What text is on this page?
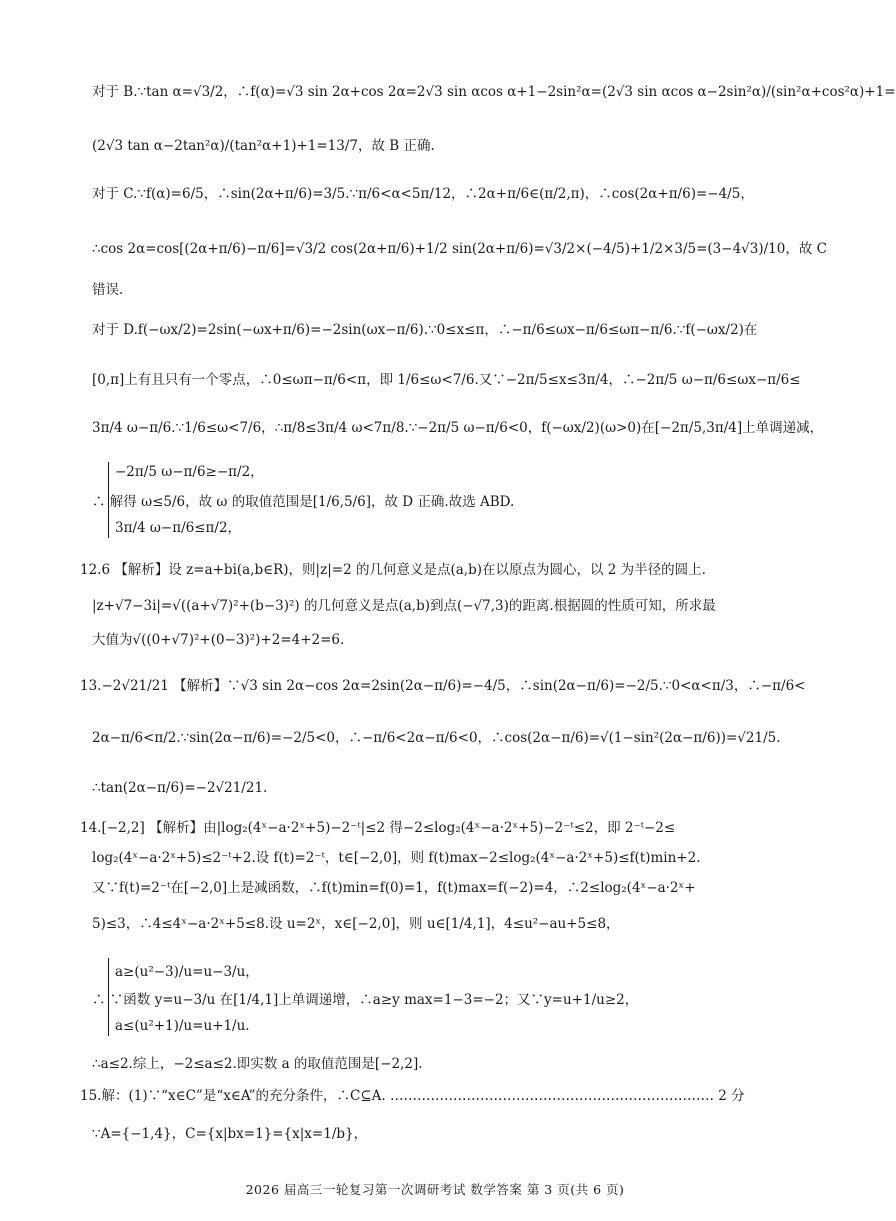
对于 B.∵tan α=√3/2，∴f(α)=√3 sin 2α+cos 2α=2√3 sin αcos α+1−2sin²α=(2√3 sin αcos α−2sin²α)/(sin²α+cos²α)+1=
(2√3 tan α−2tan²α)/(tan²α+1)+1=13/7，故 B 正确.
对于 C.∵f(α)=6/5，∴sin(2α+π/6)=3/5.∵π/6<α<5π/12，∴2α+π/6∈(π/2,π)，∴cos(2α+π/6)=−4/5，
∴cos 2α=cos[(2α+π/6)−π/6]=√3/2 cos(2α+π/6)+1/2 sin(2α+π/6)=√3/2×(−4/5)+1/2×3/5=(3−4√3)/10，故 C
错误.
对于 D.f(−ωx/2)=2sin(−ωx+π/6)=−2sin(ωx−π/6).∵0≤x≤π，∴−π/6≤ωx−π/6≤ωπ−π/6.∵f(−ωx/2)在
[0,π]上有且只有一个零点，∴0≤ωπ−π/6<π，即 1/6≤ω<7/6.又∵−2π/5≤x≤3π/4，∴−2π/5 ω−π/6≤ωx−π/6≤
3π/4 ω−π/6.∵1/6≤ω<7/6，∴π/8≤3π/4 ω<7π/8.∵−2π/5 ω−π/6<0，f(−ωx/2)(ω>0)在[−2π/5,3π/4]上单调递减，
−2π/5 ω−π/6≥−π/2，
∴ 解得 ω≤5/6，故 ω 的取值范围是[1/6,5/6]，故 D 正确.故选 ABD.
3π/4 ω−π/6≤π/2，
12.6 【解析】设 z=a+bi(a,b∈R)，则|z|=2 的几何意义是点(a,b)在以原点为圆心，以 2 为半径的圆上.
|z+√7−3i|=√((a+√7)²+(b−3)²) 的几何意义是点(a,b)到点(−√7,3)的距离.根据圆的性质可知，所求最
大值为√((0+√7)²+(0−3)²)+2=4+2=6.
13.−2√21/21 【解析】∵√3 sin 2α−cos 2α=2sin(2α−π/6)=−4/5，∴sin(2α−π/6)=−2/5.∵0<α<π/3，∴−π/6<
2α−π/6<π/2.∵sin(2α−π/6)=−2/5<0，∴−π/6<2α−π/6<0，∴cos(2α−π/6)=√(1−sin²(2α−π/6))=√21/5.
∴tan(2α−π/6)=−2√21/21.
14.[−2,2] 【解析】由|log₂(4ˣ−a·2ˣ+5)−2⁻ᵗ|≤2 得−2≤log₂(4ˣ−a·2ˣ+5)−2⁻ᵗ≤2，即 2⁻ᵗ−2≤
log₂(4ˣ−a·2ˣ+5)≤2⁻ᵗ+2.设 f(t)=2⁻ᵗ，t∈[−2,0]，则 f(t)max−2≤log₂(4ˣ−a·2ˣ+5)≤f(t)min+2.
又∵f(t)=2⁻ᵗ在[−2,0]上是减函数，∴f(t)min=f(0)=1，f(t)max=f(−2)=4，∴2≤log₂(4ˣ−a·2ˣ+
5)≤3，∴4≤4ˣ−a·2ˣ+5≤8.设 u=2ˣ，x∈[−2,0]，则 u∈[1/4,1]，4≤u²−au+5≤8，
a≥(u²−3)/u=u−3/u，
∴ ∵函数 y=u−3/u 在[1/4,1]上单调递增，∴a≥y max=1−3=−2；又∵y=u+1/u≥2，
a≤(u²+1)/u=u+1/u.
∴a≤2.综上，−2≤a≤2.即实数 a 的取值范围是[−2,2].
15.解：(1)∵“x∈C”是“x∈A”的充分条件，∴C⊆A. ……………………………………………………………… 2 分
∵A={−1,4}，C={x|bx=1}={x|x=1/b}，
2026 届高三一轮复习第一次调研考试 数学答案 第 3 页(共 6 页)
